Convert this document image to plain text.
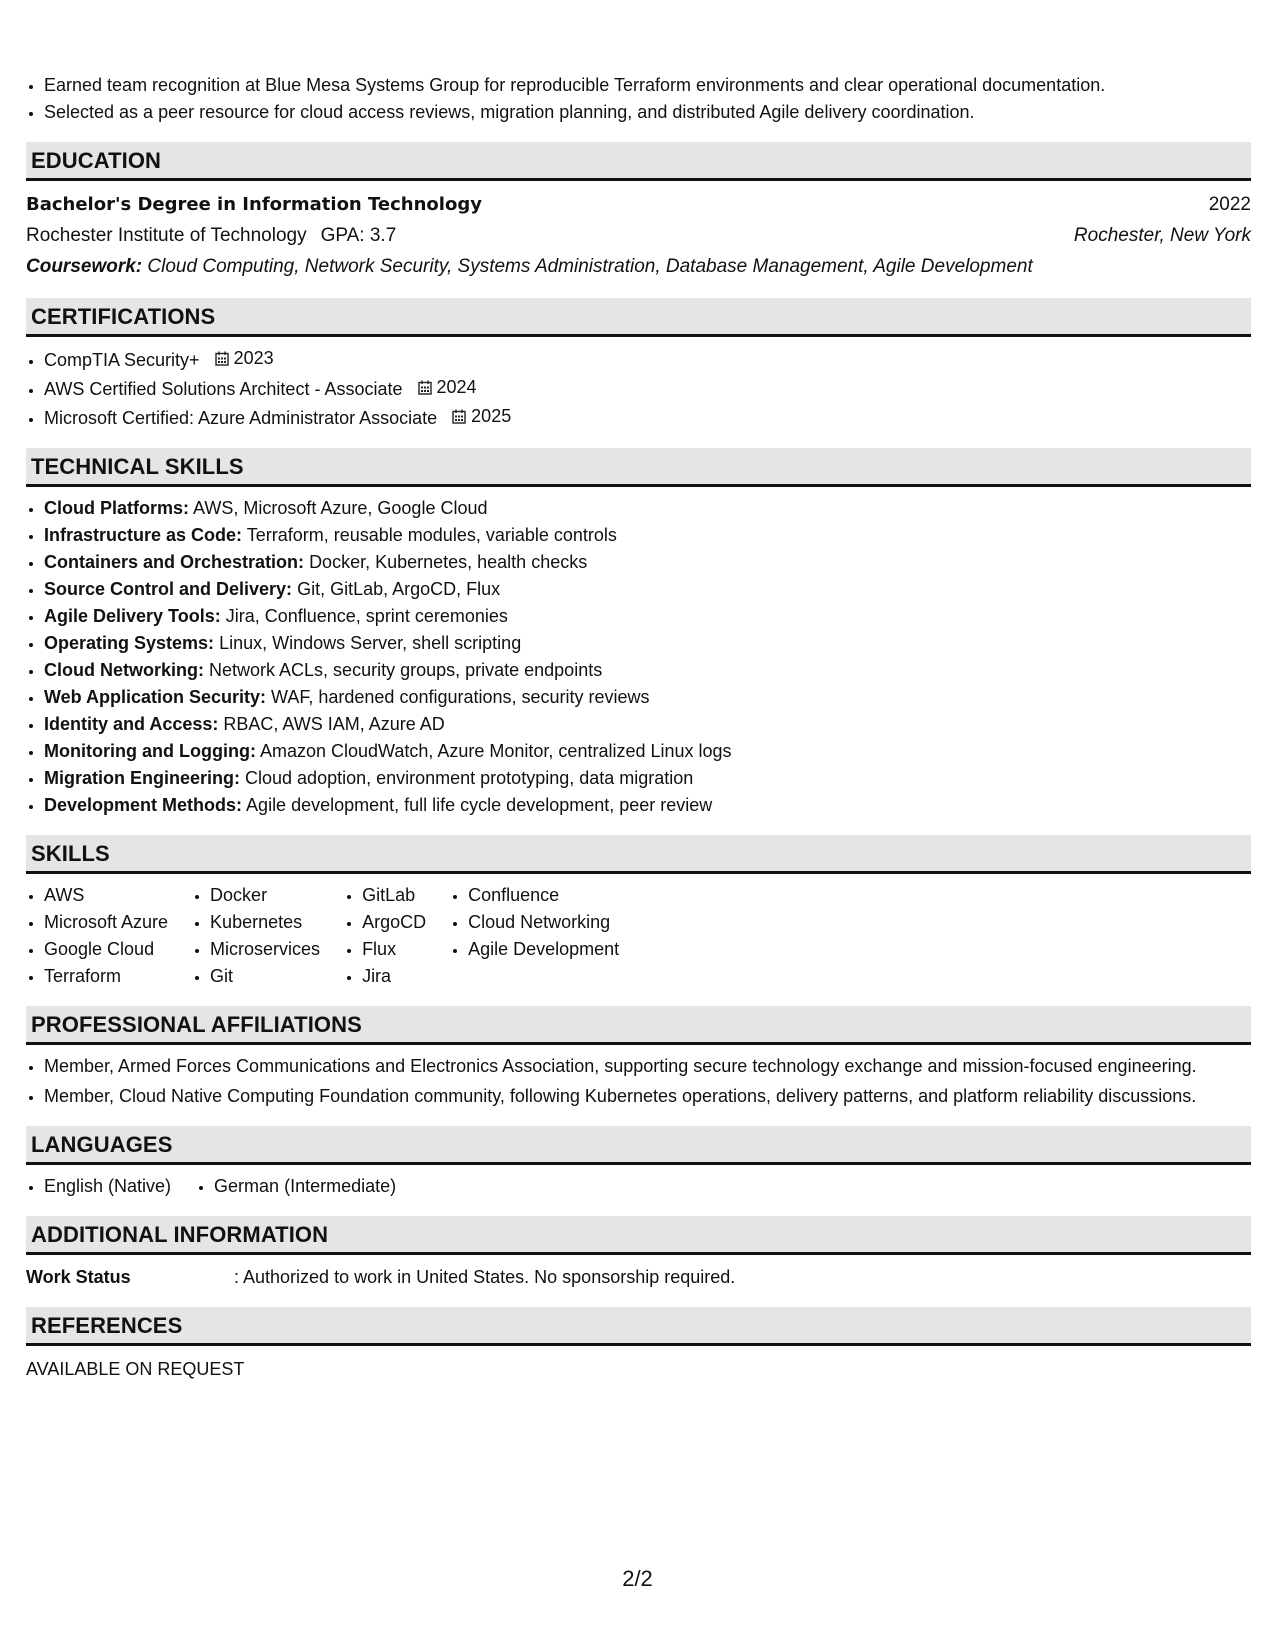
• Earned team recognition at Blue Mesa Systems Group for reproducible Terraform environments and clear operational documentation.
• Selected as a peer resource for cloud access reviews, migration planning, and distributed Agile delivery coordination.
EDUCATION
Bachelor's Degree in Information Technology	2022
Rochester Institute of Technology GPA: 3.7	Rochester, New York
Coursework: Cloud Computing, Network Security, Systems Administration, Database Management, Agile Development
CERTIFICATIONS
• CompTIA Security+ 2023
• AWS Certified Solutions Architect - Associate 2024
• Microsoft Certified: Azure Administrator Associate 2025
TECHNICAL SKILLS
• Cloud Platforms: AWS, Microsoft Azure, Google Cloud
• Infrastructure as Code: Terraform, reusable modules, variable controls
• Containers and Orchestration: Docker, Kubernetes, health checks
• Source Control and Delivery: Git, GitLab, ArgoCD, Flux
• Agile Delivery Tools: Jira, Confluence, sprint ceremonies
• Operating Systems: Linux, Windows Server, shell scripting
• Cloud Networking: Network ACLs, security groups, private endpoints
• Web Application Security: WAF, hardened configurations, security reviews
• Identity and Access: RBAC, AWS IAM, Azure AD
• Monitoring and Logging: Amazon CloudWatch, Azure Monitor, centralized Linux logs
• Migration Engineering: Cloud adoption, environment prototyping, data migration
• Development Methods: Agile development, full life cycle development, peer review
SKILLS
• AWS
• Microsoft Azure
• Google Cloud
• Terraform
• Docker
• Kubernetes
• Microservices
• Git
• GitLab
• ArgoCD
• Flux
• Jira
• Confluence
• Cloud Networking
• Agile Development
PROFESSIONAL AFFILIATIONS
• Member, Armed Forces Communications and Electronics Association, supporting secure technology exchange and mission-focused engineering.
• Member, Cloud Native Computing Foundation community, following Kubernetes operations, delivery patterns, and platform reliability discussions.
LANGUAGES
• English (Native)
• German (Intermediate)
ADDITIONAL INFORMATION
Work Status	: Authorized to work in United States. No sponsorship required.
REFERENCES
AVAILABLE ON REQUEST
2/2
